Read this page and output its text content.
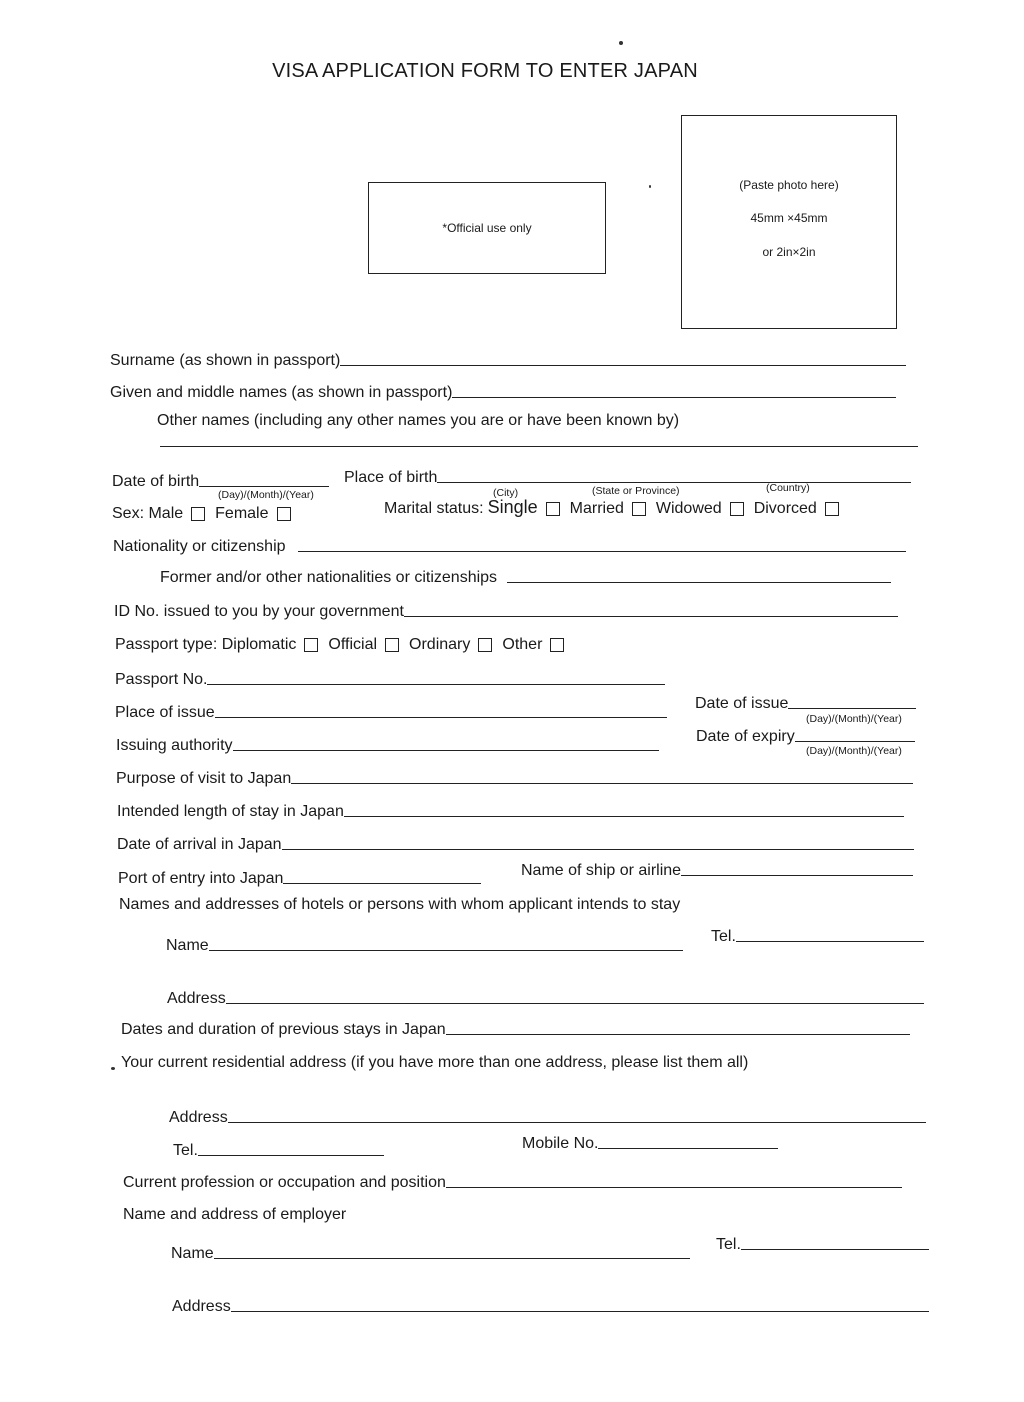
VISA APPLICATION FORM TO ENTER JAPAN
*Official use only
(Paste photo here)
45mm ×45mm
or 2in×2in
Surname (as shown in passport)
Given and middle names (as shown in passport)
Other names (including any other names you are or have been known by)
Date of birth
(Day)/(Month)/(Year)
Place of birth
(City)	(State or Province)	(Country)
Sex: Male Female	Marital status: Single Married Widowed Divorced
Nationality or citizenship
Former and/or other nationalities or citizenships
ID No. issued to you by your government
Passport type: Diplomatic Official Ordinary Other
Passport No.
Place of issue
Date of issue
(Day)/(Month)/(Year)
Issuing authority
Date of expiry
(Day)/(Month)/(Year)
Purpose of visit to Japan
Intended length of stay in Japan
Date of arrival in Japan
Port of entry into Japan	Name of ship or airline
Names and addresses of hotels or persons with whom applicant intends to stay
Name
Tel.
Address
Dates and duration of previous stays in Japan
Your current residential address (if you have more than one address, please list them all)
Address
Tel.	Mobile No.
Current profession or occupation and position
Name and address of employer
Name
Tel.
Address
